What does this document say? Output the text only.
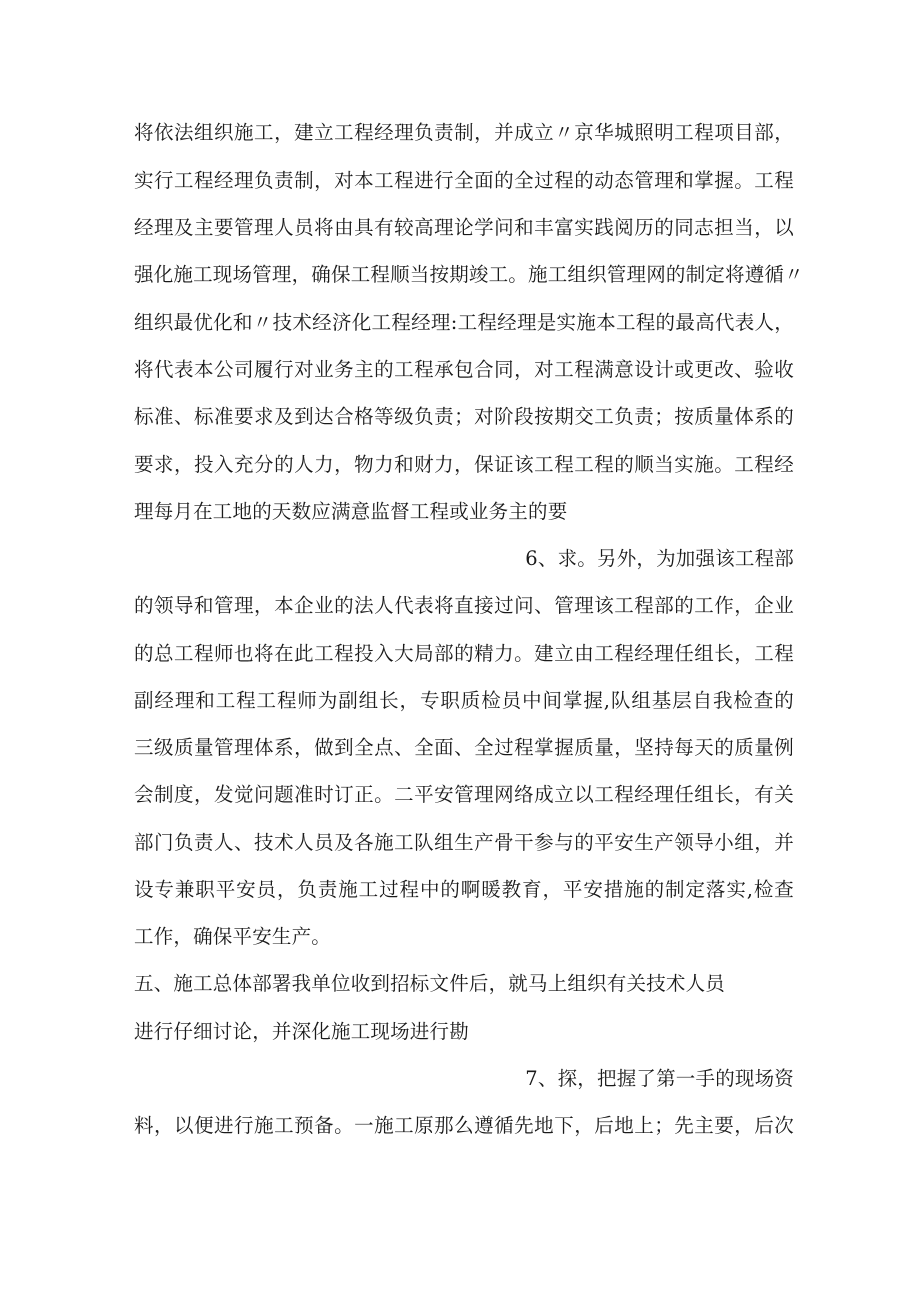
将依法组织施工，建立工程经理负责制，并成立〃京华城照明工程项目部，
实行工程经理负责制，对本工程进行全面的全过程的动态管理和掌握。工程
经理及主要管理人员将由具有较高理论学问和丰富实践阅历的同志担当，以
强化施工现场管理，确保工程顺当按期竣工。施工组织管理网的制定将遵循〃
组织最优化和〃技术经济化工程经理:工程经理是实施本工程的最高代表人，
将代表本公司履行对业务主的工程承包合同，对工程满意设计或更改、验收
标准、标准要求及到达合格等级负责；对阶段按期交工负责；按质量体系的
要求，投入充分的人力，物力和财力，保证该工程工程的顺当实施。工程经
理每月在工地的天数应满意监督工程或业务主的要
6、求。另外，为加强该工程部
的领导和管理，本企业的法人代表将直接过问、管理该工程部的工作，企业
的总工程师也将在此工程投入大局部的精力。建立由工程经理任组长，工程
副经理和工程工程师为副组长，专职质检员中间掌握,队组基层自我检查的
三级质量管理体系，做到全点、全面、全过程掌握质量，坚持每天的质量例
会制度，发觉问题准时订正。二平安管理网络成立以工程经理任组长，有关
部门负责人、技术人员及各施工队组生产骨干参与的平安生产领导小组，并
设专兼职平安员，负责施工过程中的啊暖教育，平安措施的制定落实,检查
工作，确保平安生产。
五、施工总体部署我单位收到招标文件后，就马上组织有关技术人员
进行仔细讨论，并深化施工现场进行勘
7、探，把握了第一手的现场资
料，以便进行施工预备。一施工原那么遵循先地下，后地上；先主要，后次
